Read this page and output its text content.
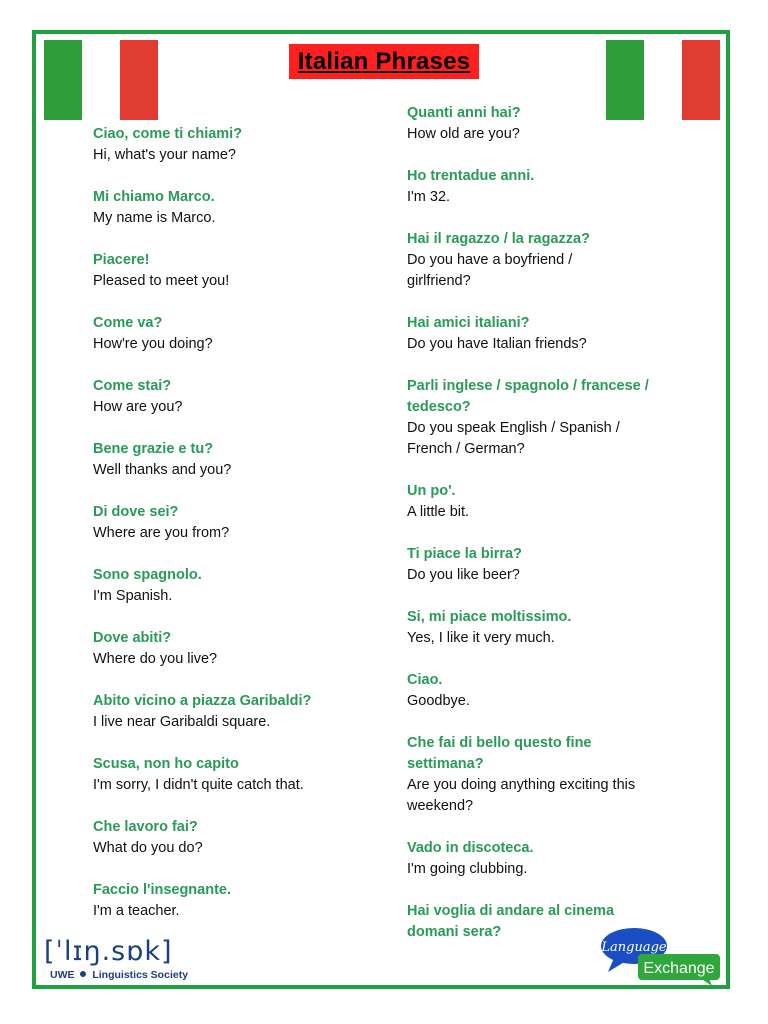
Italian Phrases
Ciao, come ti chiami?
Hi, what's your name?
Mi chiamo Marco.
My name is Marco.
Piacere!
Pleased to meet you!
Come va?
How're you doing?
Come stai?
How are you?
Bene grazie e tu?
Well thanks and you?
Di dove sei?
Where are you from?
Sono spagnolo.
I'm Spanish.
Dove abiti?
Where do you live?
Abito vicino a piazza Garibaldi?
I live near Garibaldi square.
Scusa, non ho capito
I'm sorry, I didn't quite catch that.
Che lavoro fai?
What do you do?
Faccio l'insegnante.
I'm a teacher.
Quanti anni hai?
How old are you?
Ho trentadue anni.
I'm 32.
Hai il ragazzo / la ragazza?
Do you have a boyfriend /
girlfriend?
Hai amici italiani?
Do you have Italian friends?
Parli inglese / spagnolo / francese /
tedesco?
Do you speak English / Spanish /
French / German?
Un po'.
A little bit.
Ti piace la birra?
Do you like beer?
Si, mi piace moltissimo.
Yes, I like it very much.
Ciao.
Goodbye.
Che fai di bello questo fine
settimana?
Are you doing anything exciting this
weekend?
Vado in discoteca.
I'm going clubbing.
Hai voglia di andare al cinema
domani sera?
[ˈlɪŋ.sɒk]
UWE Linguistics Society
Language
Exchange
